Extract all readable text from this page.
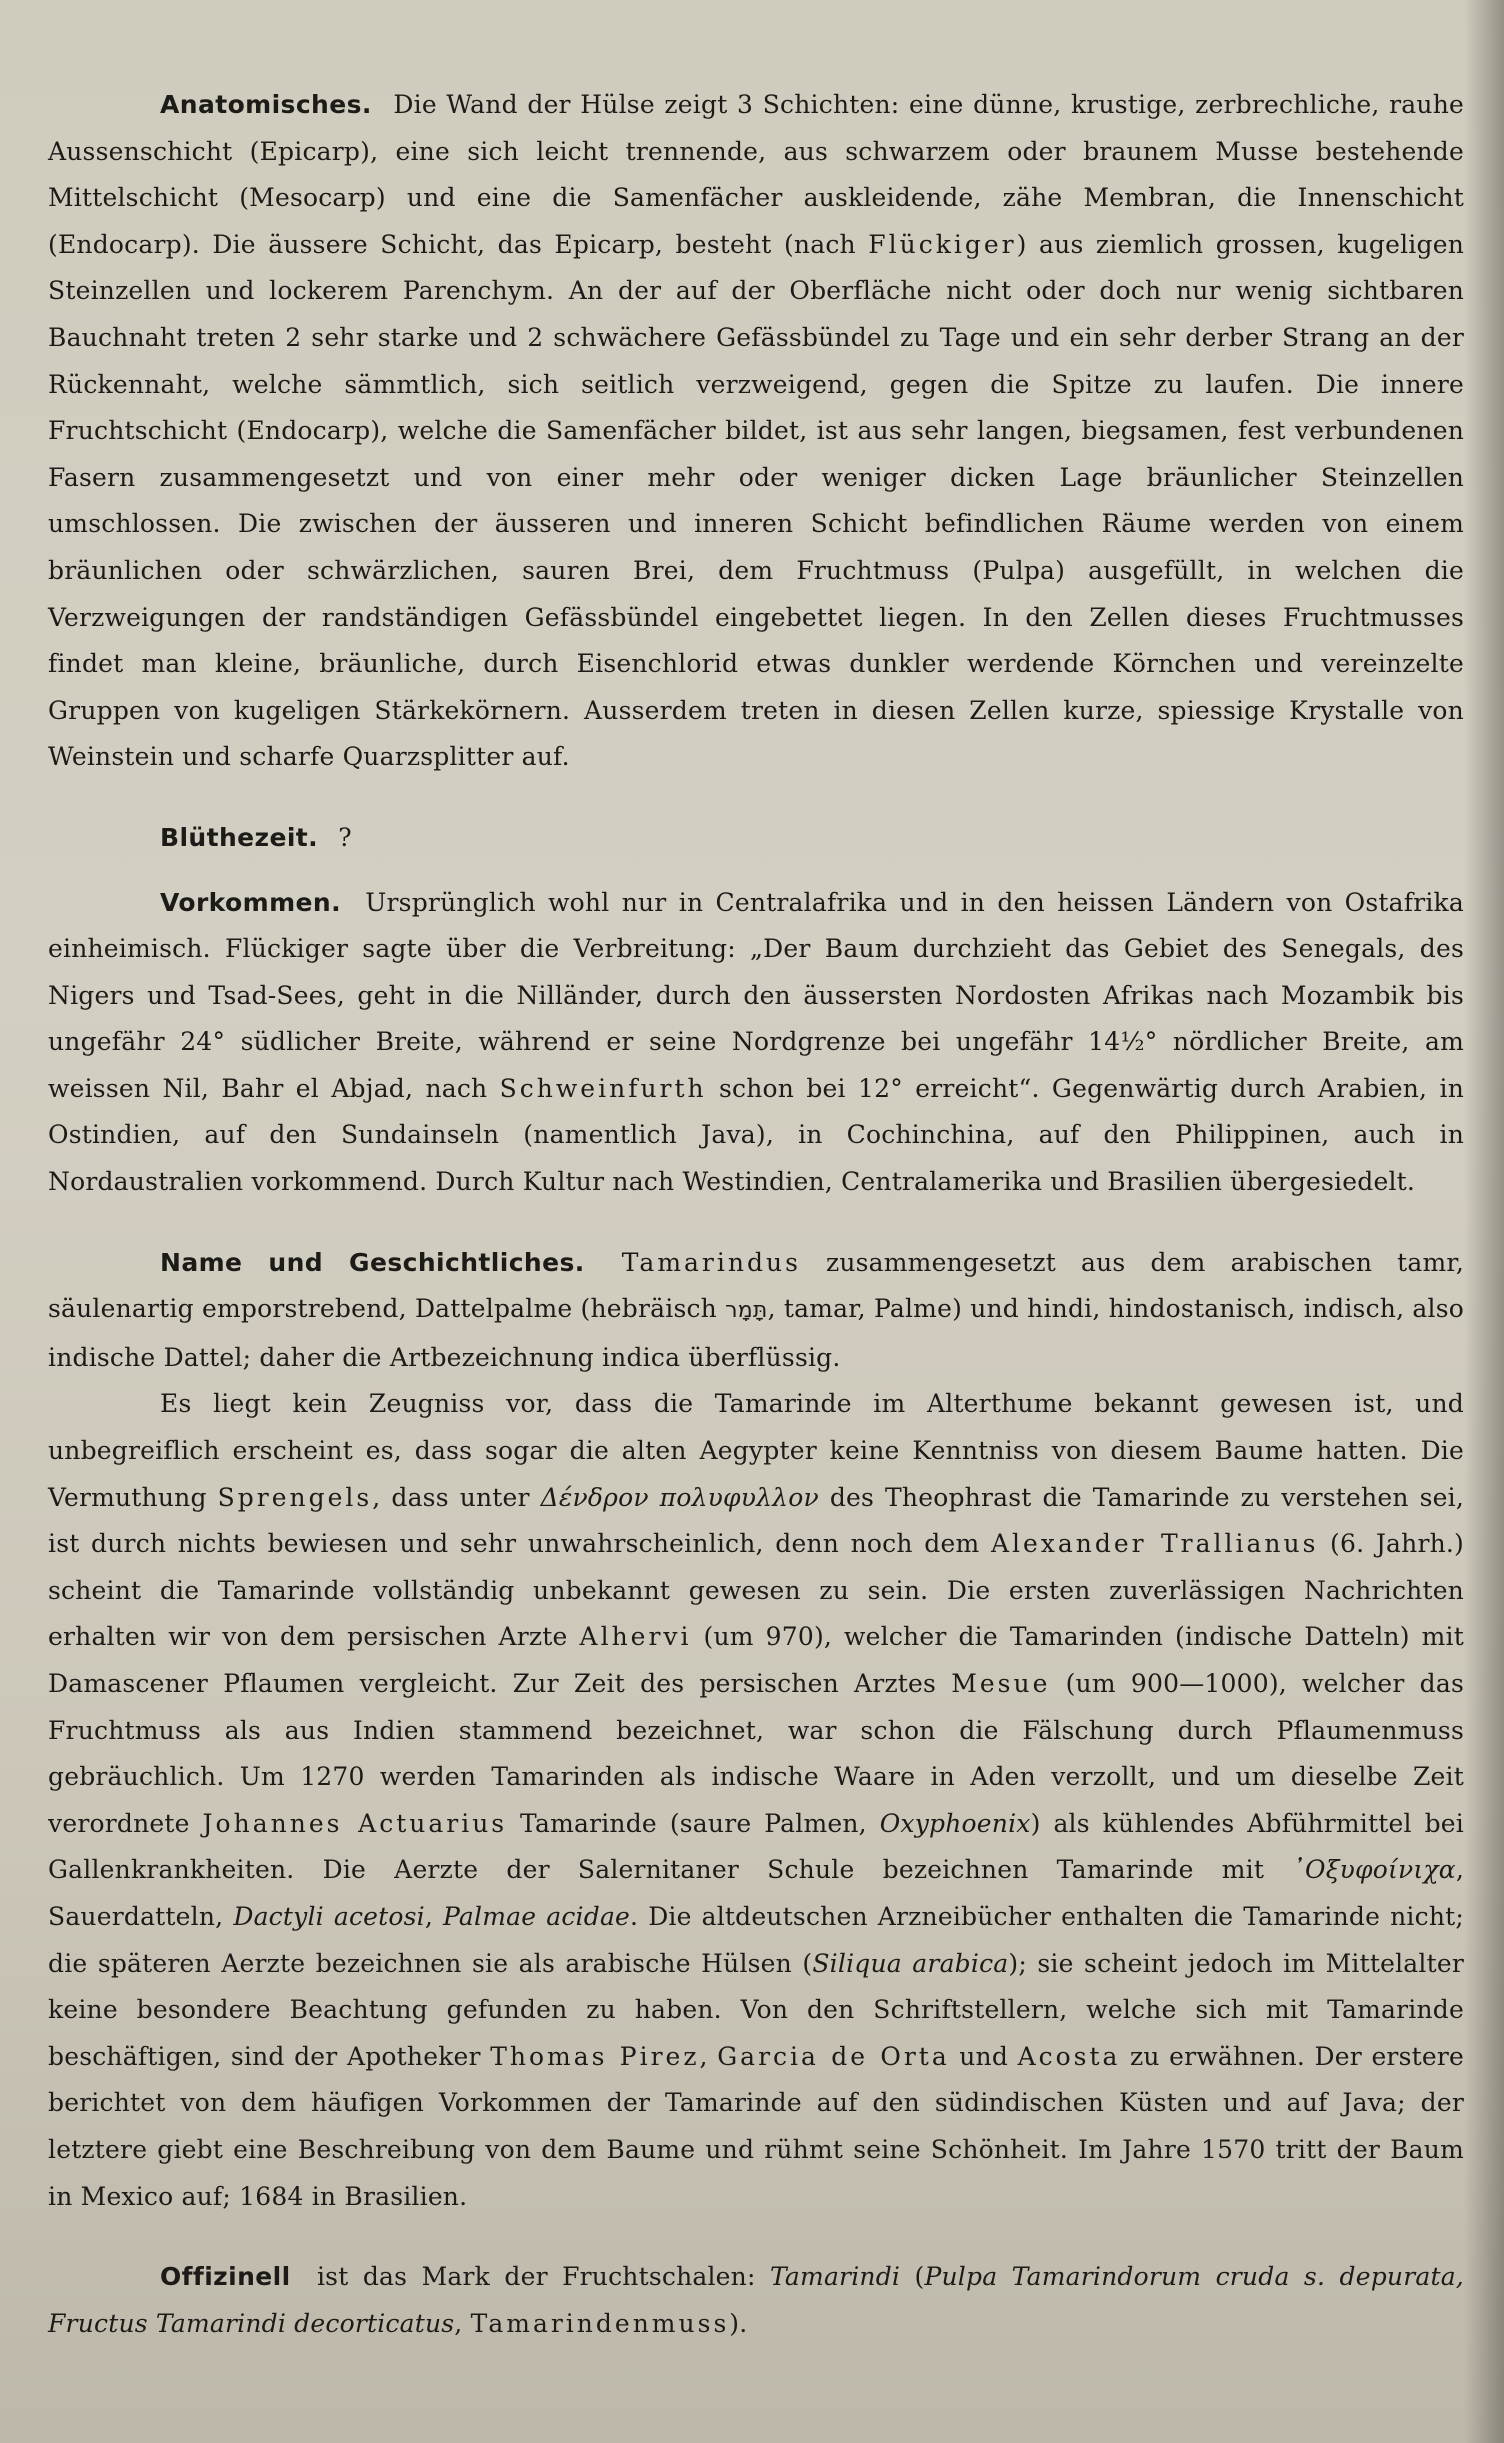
Anatomisches. Die Wand der Hülse zeigt 3 Schichten: eine dünne, krustige, zerbrechliche, rauhe Aussenschicht (Epicarp), eine sich leicht trennende, aus schwarzem oder braunem Musse bestehende Mittelschicht (Mesocarp) und eine die Samenfächer auskleidende, zähe Membran, die Innenschicht (Endocarp). Die äussere Schicht, das Epicarp, besteht (nach Flückiger) aus ziemlich grossen, kugeligen Steinzellen und lockerem Parenchym. An der auf der Oberfläche nicht oder doch nur wenig sichtbaren Bauchnaht treten 2 sehr starke und 2 schwächere Gefässbündel zu Tage und ein sehr derber Strang an der Rückennaht, welche sämmtlich, sich seitlich verzweigend, gegen die Spitze zu laufen. Die innere Fruchtschicht (Endocarp), welche die Samenfächer bildet, ist aus sehr langen, biegsamen, fest verbundenen Fasern zusammengesetzt und von einer mehr oder weniger dicken Lage bräunlicher Steinzellen umschlossen. Die zwischen der äusseren und inneren Schicht befindlichen Räume werden von einem bräunlichen oder schwärzlichen, sauren Brei, dem Fruchtmuss (Pulpa) ausgefüllt, in welchen die Verzweigungen der randständigen Gefässbündel eingebettet liegen. In den Zellen dieses Fruchtmusses findet man kleine, bräunliche, durch Eisenchlorid etwas dunkler werdende Körnchen und vereinzelte Gruppen von kugeligen Stärkekörnern. Ausserdem treten in diesen Zellen kurze, spiessige Krystalle von Weinstein und scharfe Quarzsplitter auf.

Blüthezeit. ?

Vorkommen. Ursprünglich wohl nur in Centralafrika und in den heissen Ländern von Ostafrika einheimisch. Flückiger sagte über die Verbreitung: „Der Baum durchzieht das Gebiet des Senegals, des Nigers und Tsad-Sees, geht in die Nilländer, durch den äussersten Nordosten Afrikas nach Mozambik bis ungefähr 24° südlicher Breite, während er seine Nordgrenze bei ungefähr 14½° nördlicher Breite, am weissen Nil, Bahr el Abjad, nach Schweinfurth schon bei 12° erreicht“. Gegenwärtig durch Arabien, in Ostindien, auf den Sundainseln (namentlich Java), in Cochinchina, auf den Philippinen, auch in Nordaustralien vorkommend. Durch Kultur nach Westindien, Centralamerika und Brasilien übergesiedelt.

Name und Geschichtliches. Tamarindus zusammengesetzt aus dem arabischen tamr, säulenartig emporstrebend, Dattelpalme (hebräisch תָּמָר, tamar, Palme) und hindi, hindostanisch, indisch, also indische Dattel; daher die Artbezeichnung indica überflüssig.

Es liegt kein Zeugniss vor, dass die Tamarinde im Alterthume bekannt gewesen ist, und unbegreiflich erscheint es, dass sogar die alten Aegypter keine Kenntniss von diesem Baume hatten. Die Vermuthung Sprengels, dass unter Δένδρον πολυφυλλον des Theophrast die Tamarinde zu verstehen sei, ist durch nichts bewiesen und sehr unwahrscheinlich, denn noch dem Alexander Trallianus (6. Jahrh.) scheint die Tamarinde vollständig unbekannt gewesen zu sein. Die ersten zuverlässigen Nachrichten erhalten wir von dem persischen Arzte Alhervi (um 970), welcher die Tamarinden (indische Datteln) mit Damascener Pflaumen vergleicht. Zur Zeit des persischen Arztes Mesue (um 900—1000), welcher das Fruchtmuss als aus Indien stammend bezeichnet, war schon die Fälschung durch Pflaumenmuss gebräuchlich. Um 1270 werden Tamarinden als indische Waare in Aden verzollt, und um dieselbe Zeit verordnete Johannes Actuarius Tamarinde (saure Palmen, Oxyphoenix) als kühlendes Abführmittel bei Gallenkrankheiten. Die Aerzte der Salernitaner Schule bezeichnen Tamarinde mit ᾿Οξυφοίνιχα, Sauerdatteln, Dactyli acetosi, Palmae acidae. Die altdeutschen Arzneibücher enthalten die Tamarinde nicht; die späteren Aerzte bezeichnen sie als arabische Hülsen (Siliqua arabica); sie scheint jedoch im Mittelalter keine besondere Beachtung gefunden zu haben. Von den Schriftstellern, welche sich mit Tamarinde beschäftigen, sind der Apotheker Thomas Pirez, Garcia de Orta und Acosta zu erwähnen. Der erstere berichtet von dem häufigen Vorkommen der Tamarinde auf den südindischen Küsten und auf Java; der letztere giebt eine Beschreibung von dem Baume und rühmt seine Schönheit. Im Jahre 1570 tritt der Baum in Mexico auf; 1684 in Brasilien.

Offizinell ist das Mark der Fruchtschalen: Tamarindi (Pulpa Tamarindorum cruda s. depurata, Fructus Tamarindi decorticatus, Tamarindenmuss).
